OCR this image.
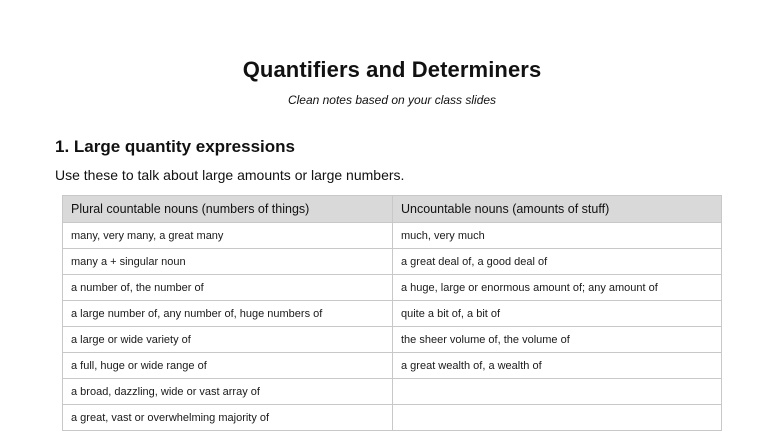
Quantifiers and Determiners

Clean notes based on your class slides

1. Large quantity expressions

Use these to talk about large amounts or large numbers.

Plural countable nouns (numbers of things)	Uncountable nouns (amounts of stuff)
many, very many, a great many	much, very much
many a + singular noun	a great deal of, a good deal of
a number of, the number of	a huge, large or enormous amount of; any amount of
a large number of, any number of, huge numbers of	quite a bit of, a bit of
a large or wide variety of	the sheer volume of, the volume of
a full, huge or wide range of	a great wealth of, a wealth of
a broad, dazzling, wide or vast array of	
a great, vast or overwhelming majority of	
